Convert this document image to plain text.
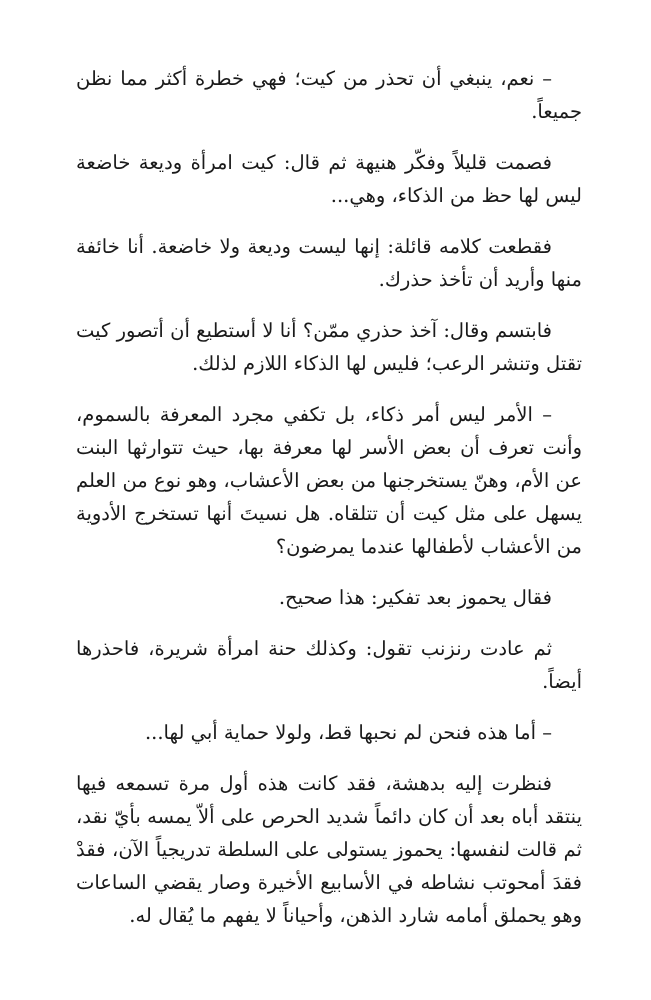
– نعم، ينبغي أن تحذر من كيت؛ فهي خطرة أكثر مما نظن جميعاً.

فصمت قليلاً وفكّر هنيهة ثم قال: كيت امرأة وديعة خاضعة ليس لها حظ من الذكاء، وهي...

فقطعت كلامه قائلة: إنها ليست وديعة ولا خاضعة. أنا خائفة منها وأريد أن تأخذ حذرك.

فابتسم وقال: آخذ حذري ممّن؟ أنا لا أستطيع أن أتصور كيت تقتل وتنشر الرعب؛ فليس لها الذكاء اللازم لذلك.

– الأمر ليس أمر ذكاء، بل تكفي مجرد المعرفة بالسموم، وأنت تعرف أن بعض الأسر لها معرفة بها، حيث تتوارثها البنت عن الأم، وهنّ يستخرجنها من بعض الأعشاب، وهو نوع من العلم يسهل على مثل كيت أن تتلقاه. هل نسيتَ أنها تستخرج الأدوية من الأعشاب لأطفالها عندما يمرضون؟

فقال يحموز بعد تفكير: هذا صحيح.

ثم عادت رنزنب تقول: وكذلك حنة امرأة شريرة، فاحذرها أيضاً.

– أما هذه فنحن لم نحبها قط، ولولا حماية أبي لها...

فنظرت إليه بدهشة، فقد كانت هذه أول مرة تسمعه فيها ينتقد أباه بعد أن كان دائماً شديد الحرص على ألاّ يمسه بأيّ نقد، ثم قالت لنفسها: يحموز يستولى على السلطة تدريجياً الآن، فقدْ فقدَ أمحوتب نشاطه في الأسابيع الأخيرة وصار يقضي الساعات وهو يحملق أمامه شارد الذهن، وأحياناً لا يفهم ما يُقال له.
